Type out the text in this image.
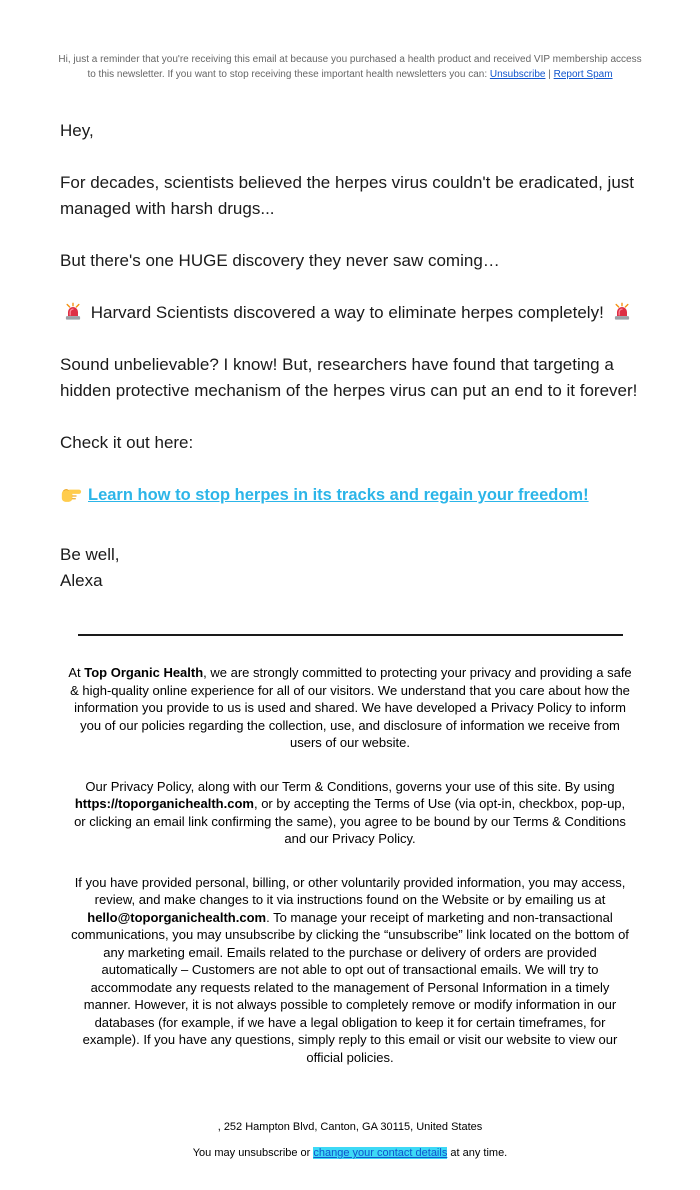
Hi, just a reminder that you're receiving this email at because you purchased a health product and received VIP membership access to this newsletter. If you want to stop receiving these important health newsletters you can: Unsubscribe | Report Spam

Hey,

For decades, scientists believed the herpes virus couldn't be eradicated, just managed with harsh drugs...

But there's one HUGE discovery they never saw coming…

Harvard Scientists discovered a way to eliminate herpes completely!

Sound unbelievable? I know! But, researchers have found that targeting a hidden protective mechanism of the herpes virus can put an end to it forever!

Check it out here:

Learn how to stop herpes in its tracks and regain your freedom!

Be well,
Alexa

At Top Organic Health, we are strongly committed to protecting your privacy and providing a safe & high-quality online experience for all of our visitors. We understand that you care about how the information you provide to us is used and shared. We have developed a Privacy Policy to inform you of our policies regarding the collection, use, and disclosure of information we receive from users of our website.

Our Privacy Policy, along with our Term & Conditions, governs your use of this site. By using https://toporganichealth.com, or by accepting the Terms of Use (via opt-in, checkbox, pop-up, or clicking an email link confirming the same), you agree to be bound by our Terms & Conditions and our Privacy Policy.

If you have provided personal, billing, or other voluntarily provided information, you may access, review, and make changes to it via instructions found on the Website or by emailing us at hello@toporganichealth.com. To manage your receipt of marketing and non-transactional communications, you may unsubscribe by clicking the “unsubscribe” link located on the bottom of any marketing email. Emails related to the purchase or delivery of orders are provided automatically – Customers are not able to opt out of transactional emails. We will try to accommodate any requests related to the management of Personal Information in a timely manner. However, it is not always possible to completely remove or modify information in our databases (for example, if we have a legal obligation to keep it for certain timeframes, for example). If you have any questions, simply reply to this email or visit our website to view our official policies.

, 252 Hampton Blvd, Canton, GA 30115, United States

You may unsubscribe or change your contact details at any time.
